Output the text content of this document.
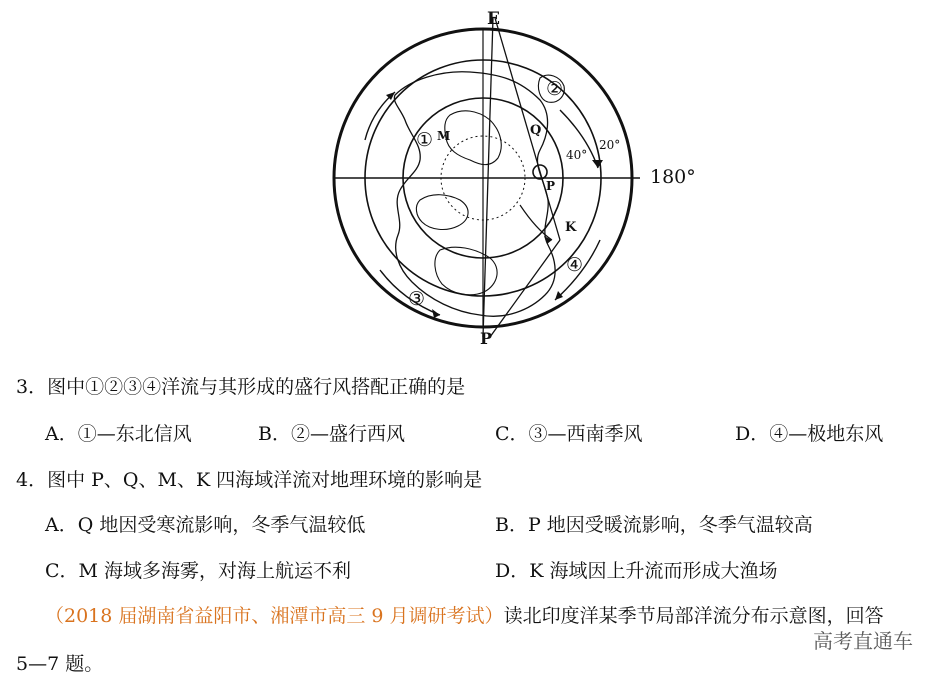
E
P
180°
40°
20°
①
②
③
④
M	Q
P
K
3．图中①②③④洋流与其形成的盛行风搭配正确的是
A．①—东北信风	B．②—盛行西风	C．③—西南季风	D．④—极地东风
4．图中 P、Q、M、K 四海域洋流对地理环境的影响是
A．Q 地因受寒流影响，冬季气温较低	B．P 地因受暖流影响，冬季气温较高
C．M 海域多海雾，对海上航运不利	D．K 海域因上升流而形成大渔场
（2018 届湖南省益阳市、湘潭市高三 9 月调研考试）读北印度洋某季节局部洋流分布示意图，回答
5—7 题。
高考直通车
